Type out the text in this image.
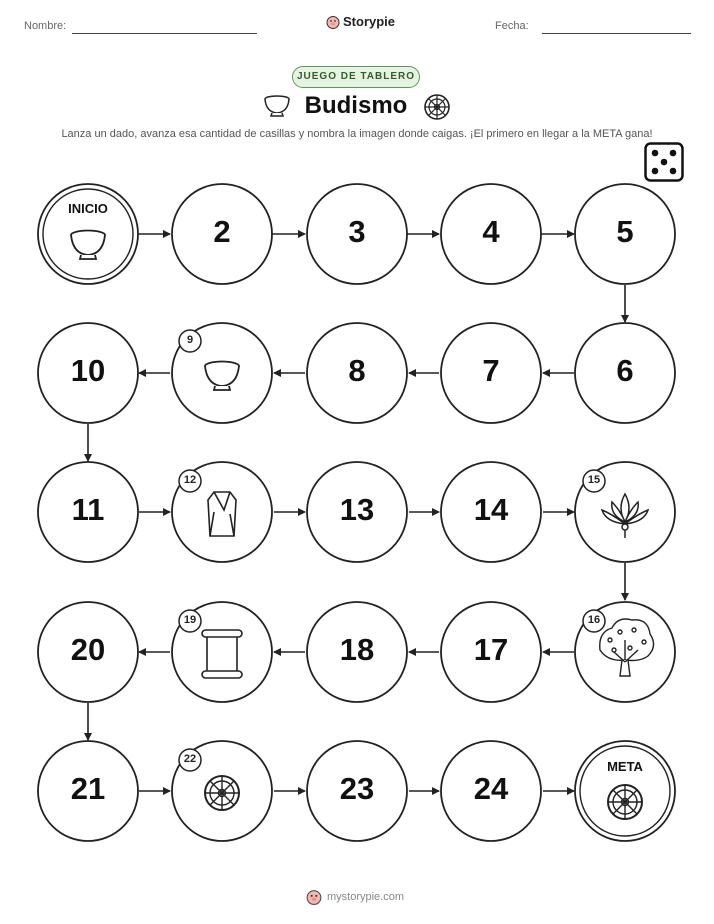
Nombre:	Storypie	Fecha:
JUEGO DE TABLERO
Budismo
Lanza un dado, avanza esa cantidad de casillas y nombra la imagen donde caigas. ¡El primero en llegar a la META gana!
INICIO
META
2	3	4	5
10	8	7	6
11	13	14
20	18	17
21	23	24
9
12	15
16
19
22
mystorypie.com
